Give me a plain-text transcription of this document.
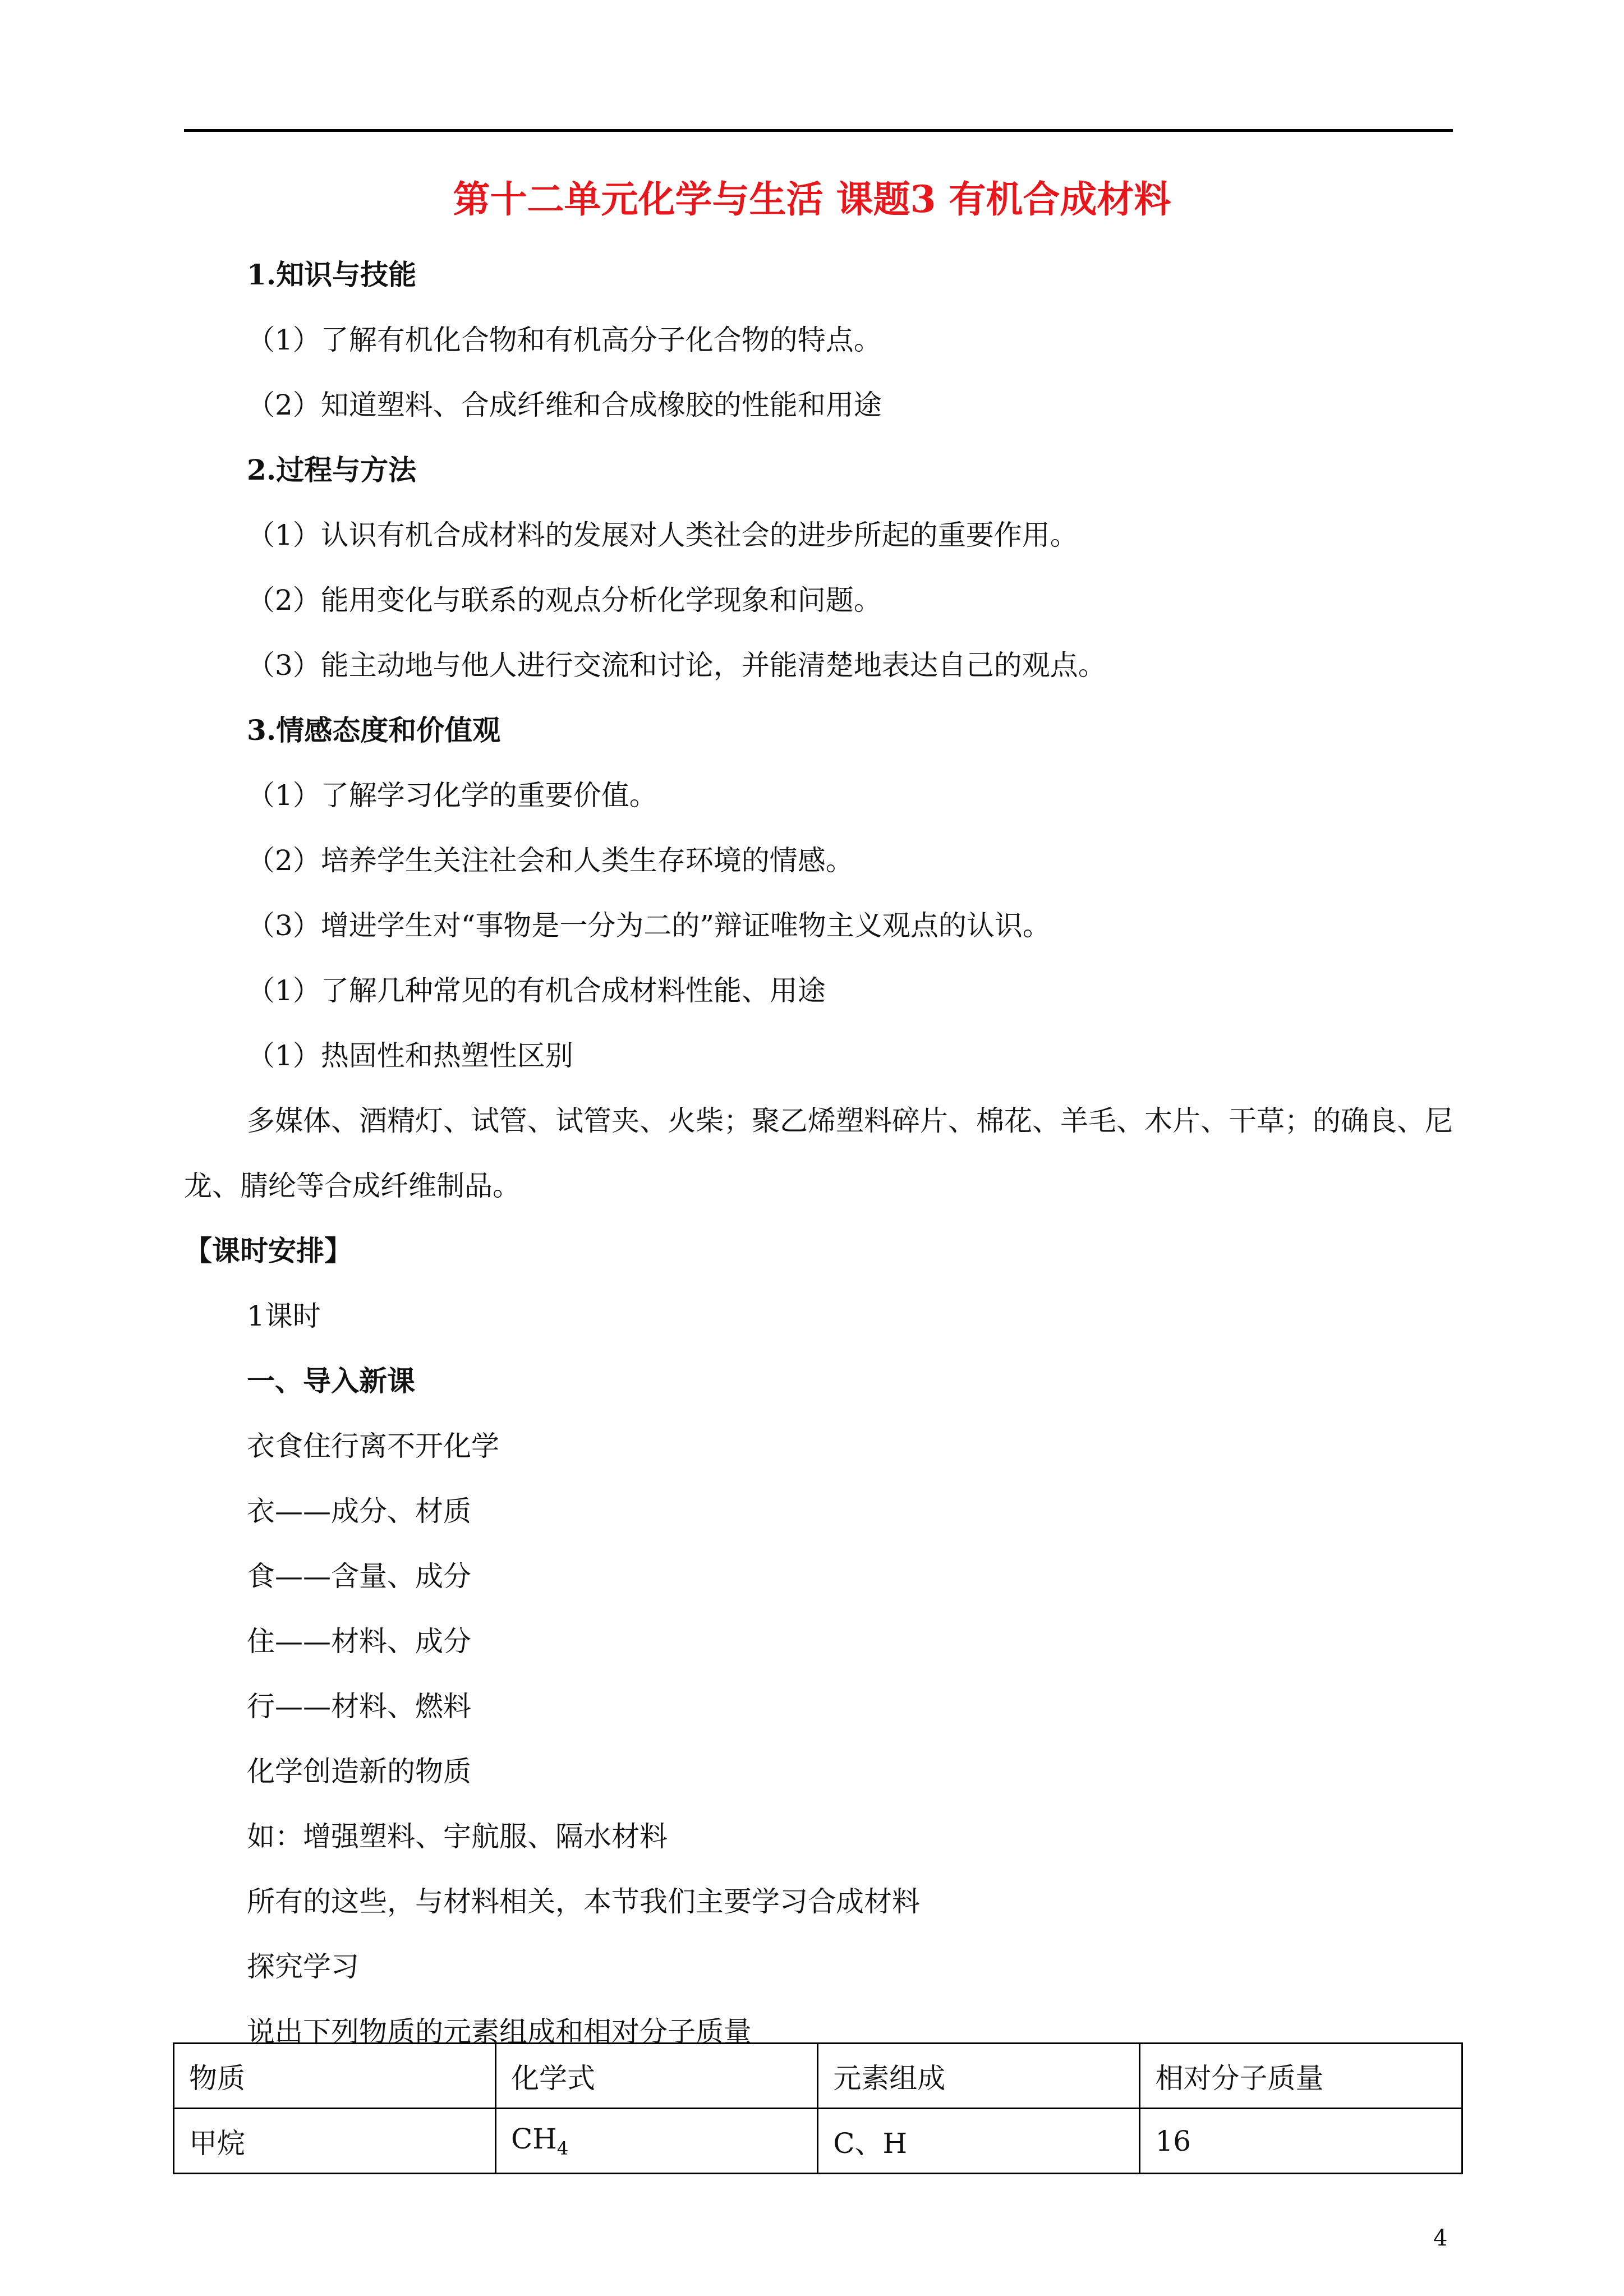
第十二单元化学与生活 课题3 有机合成材料
1.知识与技能
（1）了解有机化合物和有机高分子化合物的特点。
（2）知道塑料、合成纤维和合成橡胶的性能和用途
2.过程与方法
（1）认识有机合成材料的发展对人类社会的进步所起的重要作用。
（2）能用变化与联系的观点分析化学现象和问题。
（3）能主动地与他人进行交流和讨论，并能清楚地表达自己的观点。
3.情感态度和价值观
（1）了解学习化学的重要价值。
（2）培养学生关注社会和人类生存环境的情感。
（3）增进学生对“事物是一分为二的”辩证唯物主义观点的认识。
（1）了解几种常见的有机合成材料性能、用途
（1）热固性和热塑性区别
多媒体、酒精灯、试管、试管夹、火柴；聚乙烯塑料碎片、棉花、羊毛、木片、干草；的确良、尼龙、腈纶等合成纤维制品。
【课时安排】
1课时
一、导入新课
衣食住行离不开化学
衣——成分、材质
食——含量、成分
住——材料、成分
行——材料、燃料
化学创造新的物质
如：增强塑料、宇航服、隔水材料
所有的这些，与材料相关，本节我们主要学习合成材料
探究学习
说出下列物质的元素组成和相对分子质量
物质	化学式	元素组成	相对分子质量
甲烷	$CH_4$	C、H	16
4
